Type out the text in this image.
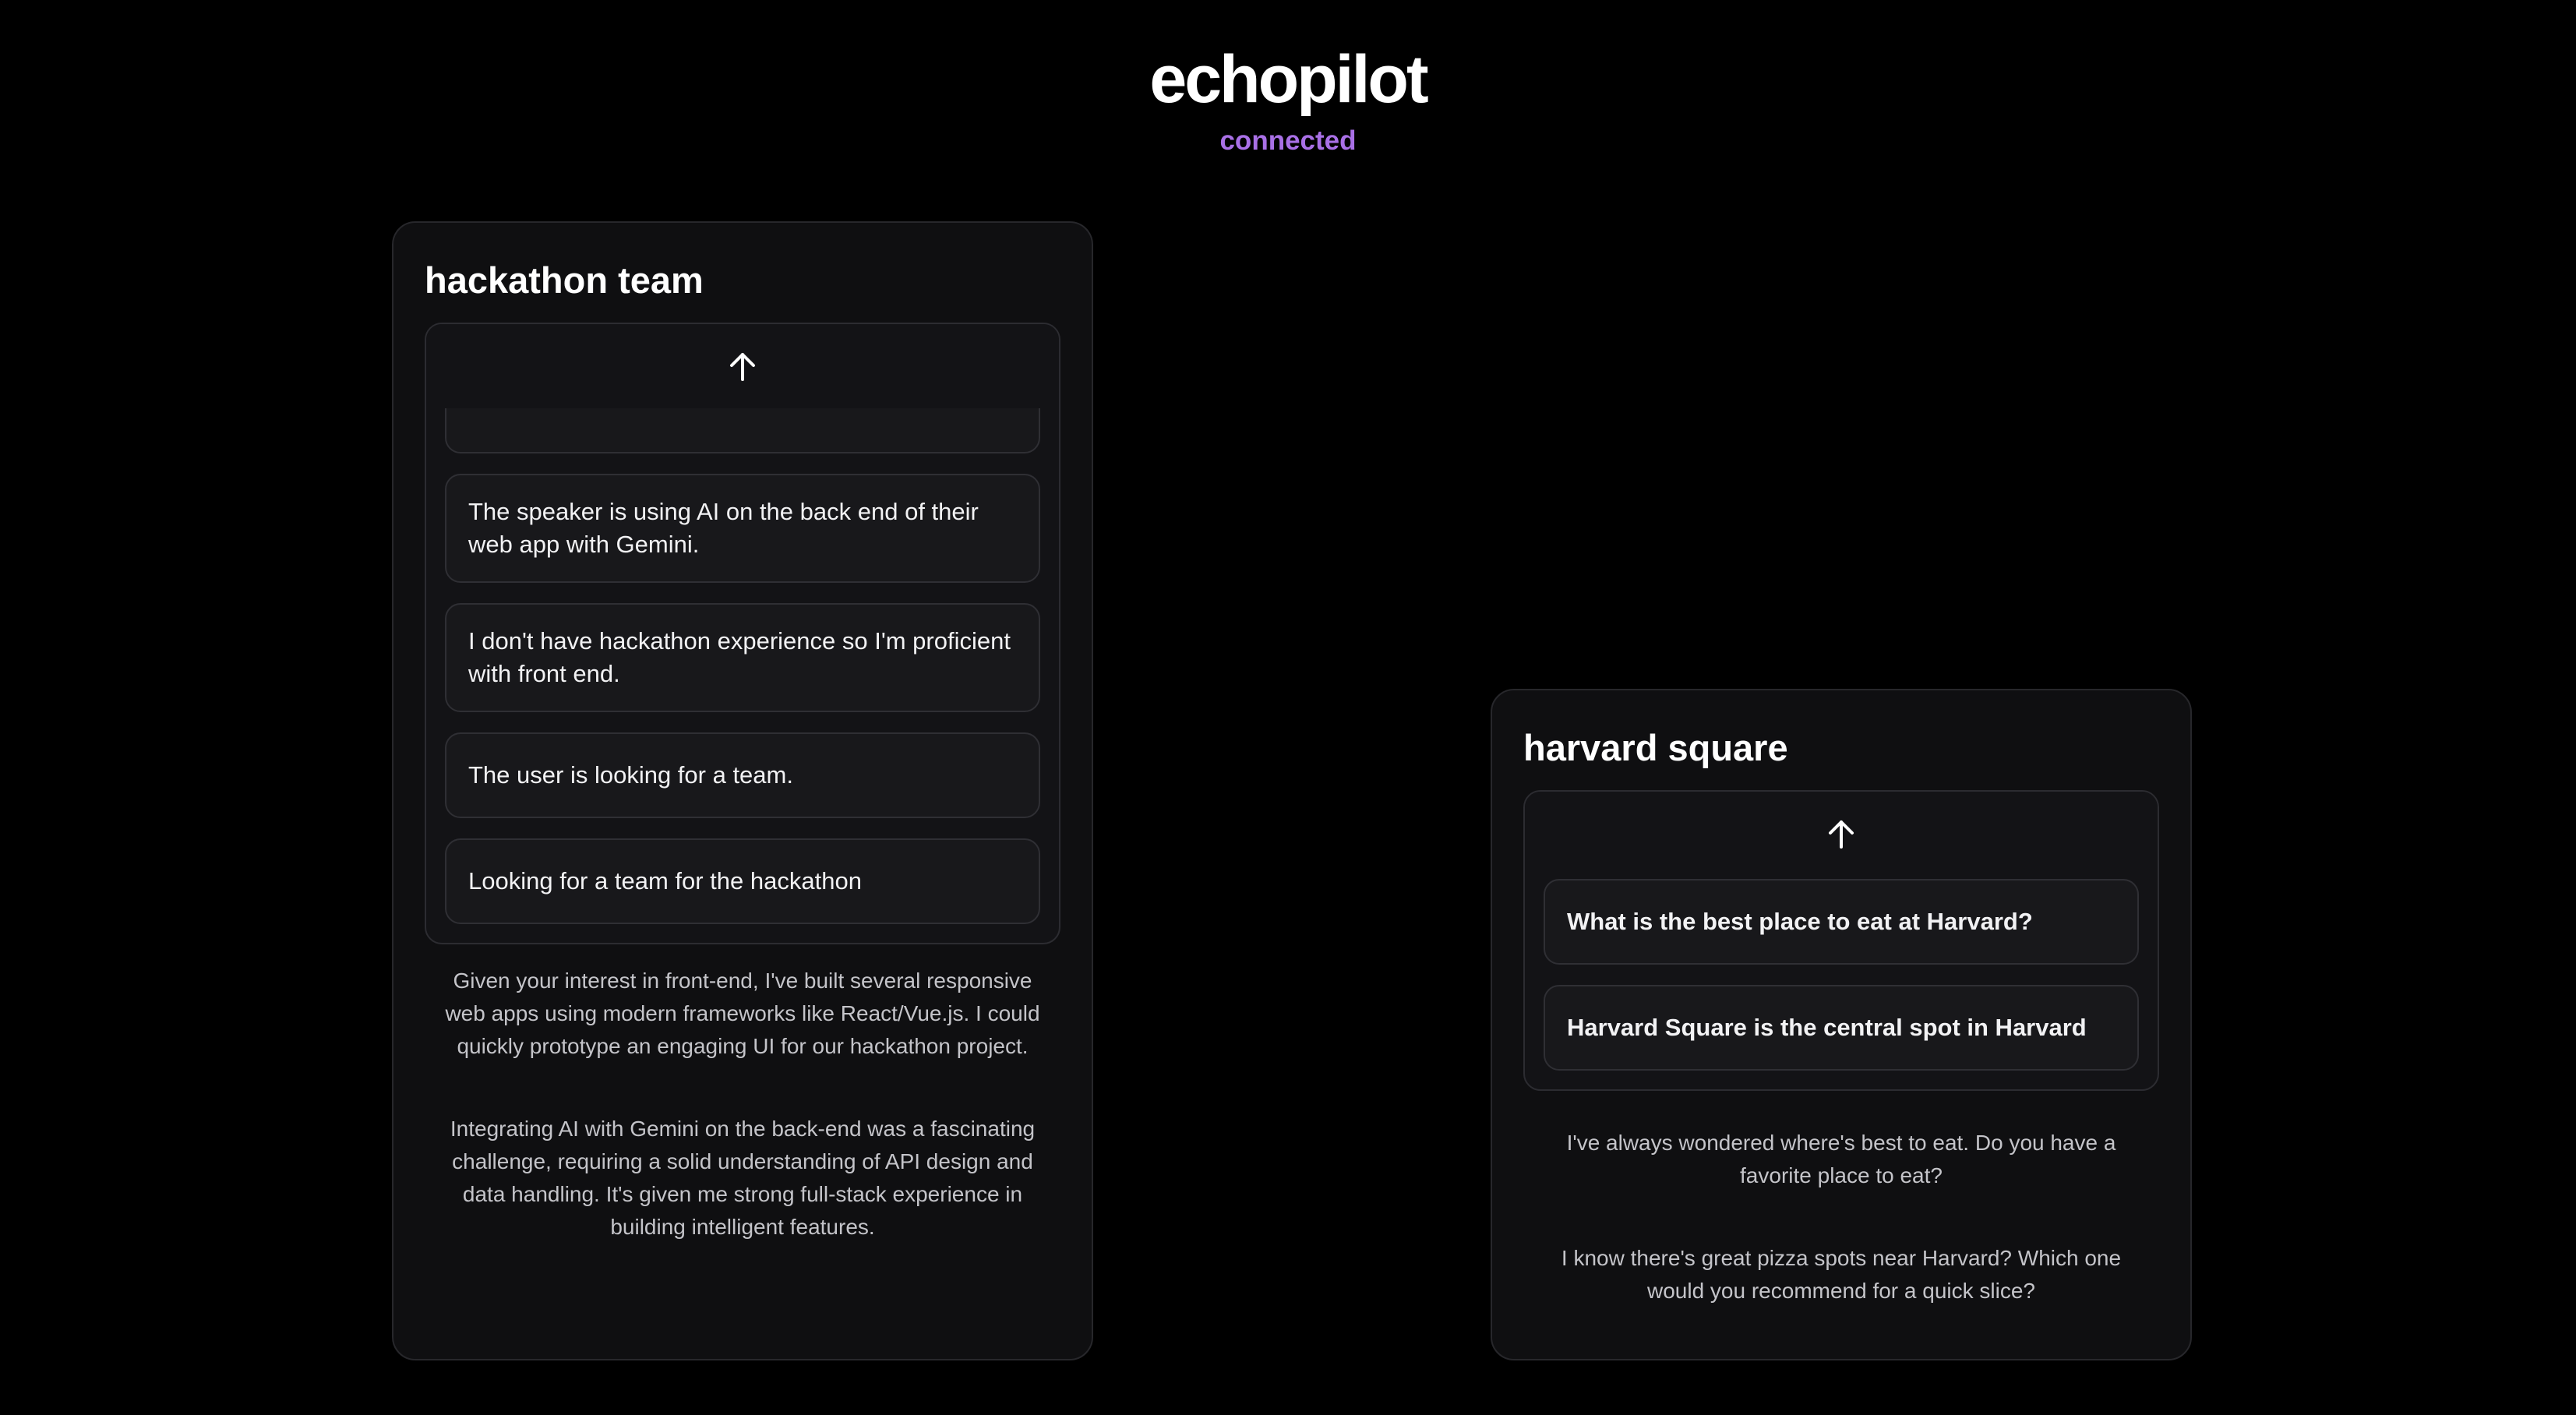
echopilot
connected
hackathon team
The speaker is using AI on the back end of their web app with Gemini.
I don't have hackathon experience so I'm proficient with front end.
The user is looking for a team.
Looking for a team for the hackathon

Given your interest in front-end, I've built several responsive web apps using modern frameworks like React/Vue.js. I could quickly prototype an engaging UI for our hackathon project.

Integrating AI with Gemini on the back-end was a fascinating challenge, requiring a solid understanding of API design and data handling. It's given me strong full-stack experience in building intelligent features.

harvard square
What is the best place to eat at Harvard?
Harvard Square is the central spot in Harvard

I've always wondered where's best to eat. Do you have a favorite place to eat?

I know there's great pizza spots near Harvard? Which one would you recommend for a quick slice?
